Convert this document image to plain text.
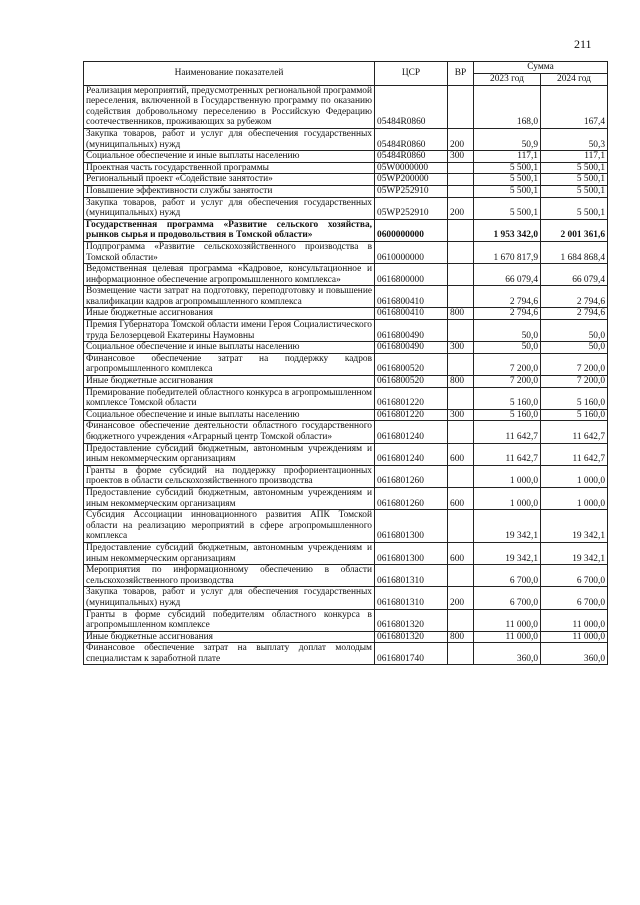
211
Наименование показателей	ЦСР	ВР	Сумма	
			2023 год	2024 год
Реализация мероприятий, предусмотренных региональной программой переселения, включенной в Государственную программу по оказанию содействия добровольному переселению в Российскую Федерацию соотечественников, проживающих за рубежом	05484R0860		168,0	167,4
Закупка товаров, работ и услуг для обеспечения государственных (муниципальных) нужд	05484R0860	200	50,9	50,3
Социальное обеспечение и иные выплаты населению	05484R0860	300	117,1	117,1
Проектная часть государственной программы	05W0000000		5 500,1	5 500,1
Региональный проект «Содействие занятости»	05WP200000		5 500,1	5 500,1
Повышение эффективности службы занятости	05WP252910		5 500,1	5 500,1
Закупка товаров, работ и услуг для обеспечения государственных (муниципальных) нужд	05WP252910	200	5 500,1	5 500,1
Государственная программа «Развитие сельского хозяйства, рынков сырья и продовольствия в Томской области»	0600000000		1 953 342,0	2 001 361,6
Подпрограмма «Развитие сельскохозяйственного производства в Томской области»	0610000000		1 670 817,9	1 684 868,4
Ведомственная целевая программа «Кадровое, консультационное и информационное обеспечение агропромышленного комплекса»	0616800000		66 079,4	66 079,4
Возмещение части затрат на подготовку, переподготовку и повышение квалификации кадров агропромышленного комплекса	0616800410		2 794,6	2 794,6
Иные бюджетные ассигнования	0616800410	800	2 794,6	2 794,6
Премия Губернатора Томской области имени Героя Социалистического труда Белозерцевой Екатерины Наумовны	0616800490		50,0	50,0
Социальное обеспечение и иные выплаты населению	0616800490	300	50,0	50,0
Финансовое обеспечение затрат на поддержку кадров агропромышленного комплекса	0616800520		7 200,0	7 200,0
Иные бюджетные ассигнования	0616800520	800	7 200,0	7 200,0
Премирование победителей областного конкурса в агропромышленном комплексе Томской области	0616801220		5 160,0	5 160,0
Социальное обеспечение и иные выплаты населению	0616801220	300	5 160,0	5 160,0
Финансовое обеспечение деятельности областного государственного бюджетного учреждения «Аграрный центр Томской области»	0616801240		11 642,7	11 642,7
Предоставление субсидий бюджетным, автономным учреждениям и иным некоммерческим организациям	0616801240	600	11 642,7	11 642,7
Гранты в форме субсидий на поддержку профориентационных проектов в области сельскохозяйственного производства	0616801260		1 000,0	1 000,0
Предоставление субсидий бюджетным, автономным учреждениям и иным некоммерческим организациям	0616801260	600	1 000,0	1 000,0
Субсидия Ассоциации инновационного развития АПК Томской области на реализацию мероприятий в сфере агропромышленного комплекса	0616801300		19 342,1	19 342,1
Предоставление субсидий бюджетным, автономным учреждениям и иным некоммерческим организациям	0616801300	600	19 342,1	19 342,1
Мероприятия по информационному обеспечению в области сельскохозяйственного производства	0616801310		6 700,0	6 700,0
Закупка товаров, работ и услуг для обеспечения государственных (муниципальных) нужд	0616801310	200	6 700,0	6 700,0
Гранты в форме субсидий победителям областного конкурса в агропромышленном комплексе	0616801320		11 000,0	11 000,0
Иные бюджетные ассигнования	0616801320	800	11 000,0	11 000,0
Финансовое обеспечение затрат на выплату доплат молодым специалистам к заработной плате	0616801740		360,0	360,0
